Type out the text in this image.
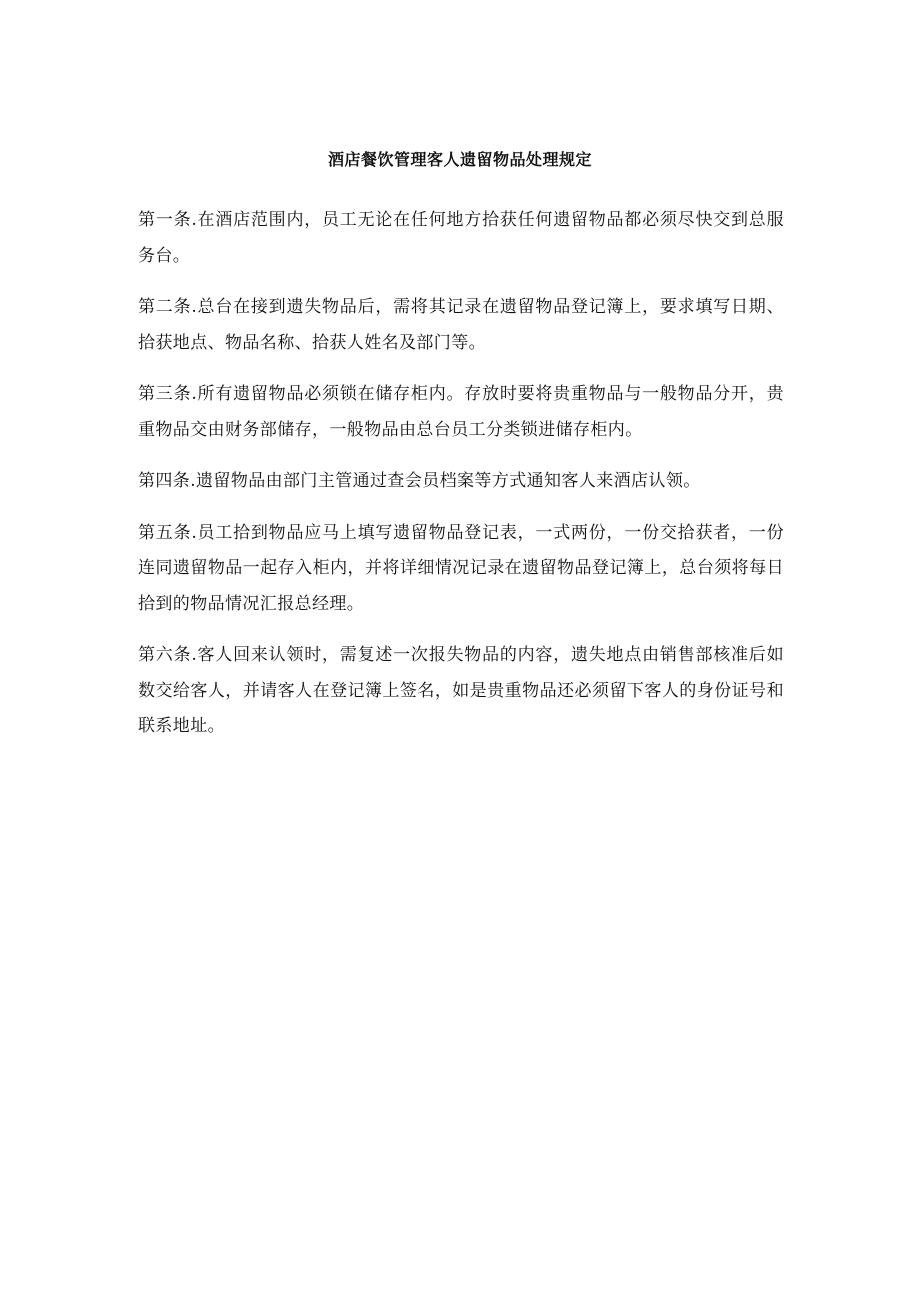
酒店餐饮管理客人遗留物品处理规定

第一条.在酒店范围内，员工无论在任何地方拾获任何遗留物品都必须尽快交到总服务台。

第二条.总台在接到遗失物品后，需将其记录在遗留物品登记簿上，要求填写日期、拾获地点、物品名称、拾获人姓名及部门等。

第三条.所有遗留物品必须锁在储存柜内。存放时要将贵重物品与一般物品分开，贵重物品交由财务部储存，一般物品由总台员工分类锁进储存柜内。

第四条.遗留物品由部门主管通过查会员档案等方式通知客人来酒店认领。

第五条.员工拾到物品应马上填写遗留物品登记表，一式两份，一份交拾获者，一份连同遗留物品一起存入柜内，并将详细情况记录在遗留物品登记簿上，总台须将每日拾到的物品情况汇报总经理。

第六条.客人回来认领时，需复述一次报失物品的内容，遗失地点由销售部核准后如数交给客人，并请客人在登记簿上签名，如是贵重物品还必须留下客人的身份证号和联系地址。
